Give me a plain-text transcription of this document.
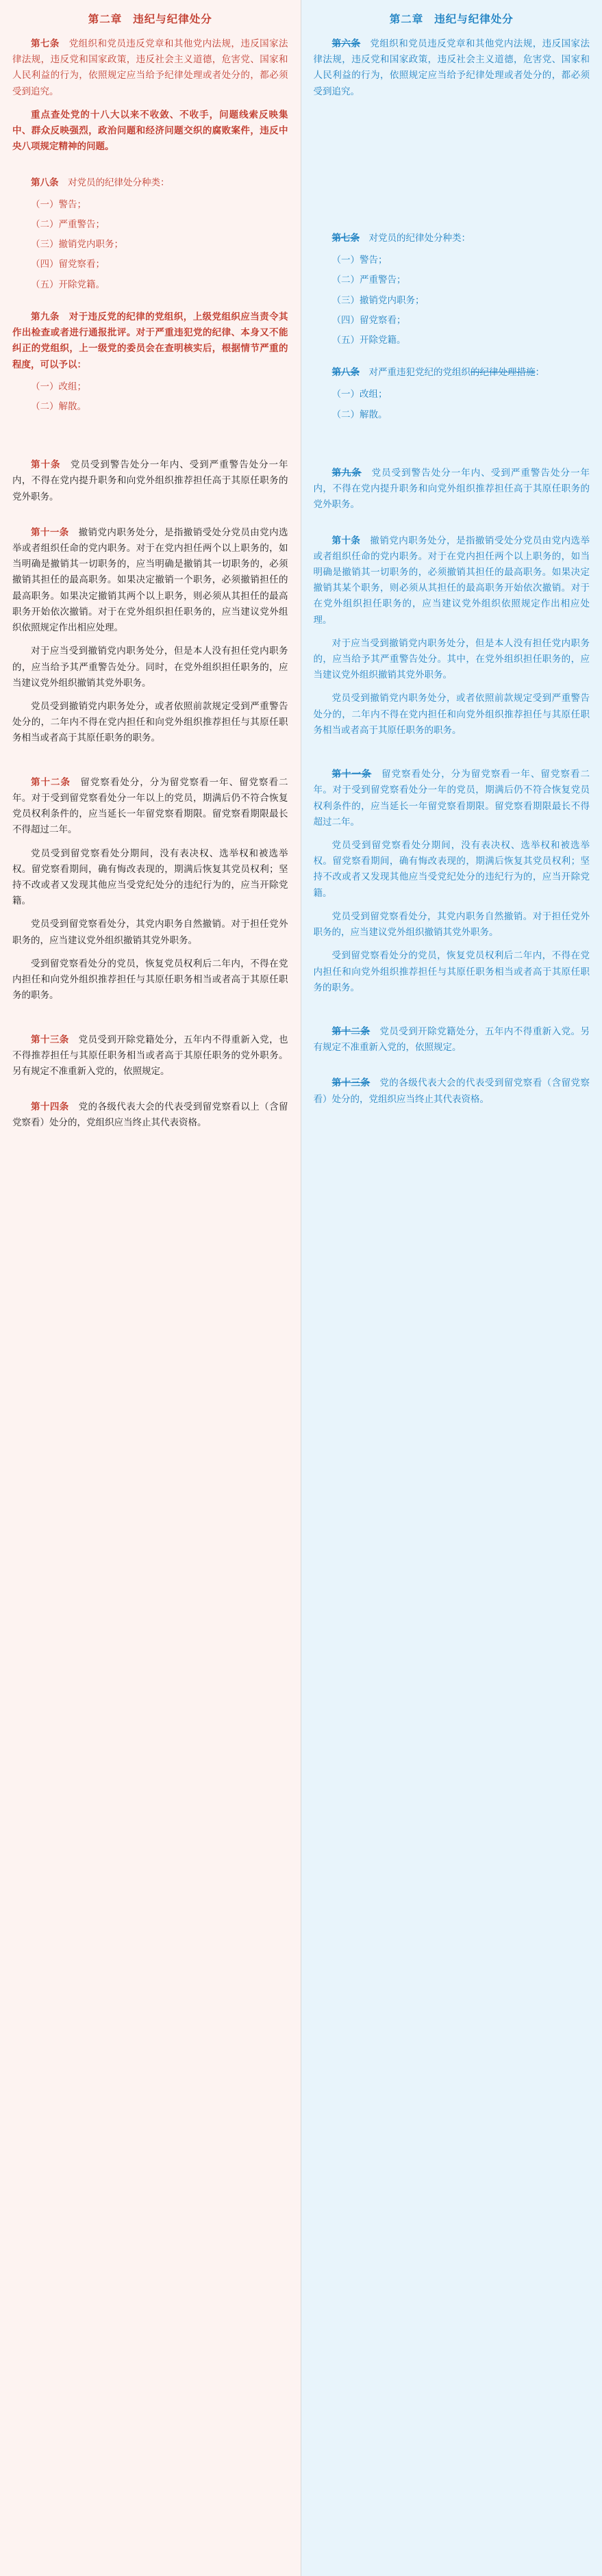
第二章 违纪与纪律处分

第七条　党组织和党员违反党章和其他党内法规，违反国家法律法规，违反党和国家政策，违反社会主义道德，危害党、国家和人民利益的行为，依照规定应当给予纪律处理或者处分的，都必须受到追究。

重点查处党的十八大以来不收敛、不收手，问题线索反映集中、群众反映强烈，政治问题和经济问题交织的腐败案件，违反中央八项规定精神的问题。

第八条　对党员的纪律处分种类：

（一）警告；

（二）严重警告；

（三）撤销党内职务；

（四）留党察看；

（五）开除党籍。

第九条　对于违反党的纪律的党组织，上级党组织应当责令其作出检查或者进行通报批评。对于严重违犯党的纪律、本身又不能纠正的党组织，上一级党的委员会在查明核实后，根据情节严重的程度，可以予以：

（一）改组；

（二）解散。

第十条　党员受到警告处分一年内、受到严重警告处分一年内，不得在党内提升职务和向党外组织推荐担任高于其原任职务的党外职务。

第十一条　撤销党内职务处分，是指撤销受处分党员由党内选举或者组织任命的党内职务。对于在党内担任两个以上职务的，如当明确是撤销其一切职务的，应当明确是撤销其一切职务的，必须撤销其担任的最高职务。如果决定撤销一个职务，必须撤销担任的最高职务。如果决定撤销其两个以上职务，则必须从其担任的最高职务开始依次撤销。对于在党外组织担任职务的，应当建议党外组织依照规定作出相应处理。

对于应当受到撤销党内职务处分，但是本人没有担任党内职务的，应当给予其严重警告处分。同时，在党外组织担任职务的，应当建议党外组织撤销其党外职务。

党员受到撤销党内职务处分，或者依照前款规定受到严重警告处分的，二年内不得在党内担任和向党外组织推荐担任与其原任职务相当或者高于其原任职务的职务。

第十二条　留党察看处分，分为留党察看一年、留党察看二年。对于受到留党察看处分一年以上的党员，期满后仍不符合恢复党员权利条件的，应当延长一年留党察看期限。留党察看期限最长不得超过二年。

党员受到留党察看处分期间，没有表决权、选举权和被选举权。留党察看期间，确有悔改表现的，期满后恢复其党员权利；坚持不改或者又发现其他应当受党纪处分的违纪行为的，应当开除党籍。

党员受到留党察看处分，其党内职务自然撤销。对于担任党外职务的，应当建议党外组织撤销其党外职务。

受到留党察看处分的党员，恢复党员权利后二年内，不得在党内担任和向党外组织推荐担任与其原任职务相当或者高于其原任职务的职务。

第十三条　党员受到开除党籍处分，五年内不得重新入党，也不得推荐担任与其原任职务相当或者高于其原任职务的党外职务。另有规定不准重新入党的，依照规定。

第十四条　党的各级代表大会的代表受到留党察看以上（含留党察看）处分的，党组织应当终止其代表资格。

第二章 违纪与纪律处分

第六条　党组织和党员违反党章和其他党内法规，违反国家法律法规，违反党和国家政策，违反社会主义道德，危害党、国家和人民利益的行为，依照规定应当给予纪律处理或者处分的，都必须受到追究。

第七条　对党员的纪律处分种类：

（一）警告；

（二）严重警告；

（三）撤销党内职务；

（四）留党察看；

（五）开除党籍。

第八条　对严重违犯党纪的党组织的纪律处理措施：

（一）改组；

（二）解散。

第九条　党员受到警告处分一年内、受到严重警告处分一年内，不得在党内提升职务和向党外组织推荐担任高于其原任职务的党外职务。

第十条　撤销党内职务处分，是指撤销受处分党员由党内选举或者组织任命的党内职务。对于在党内担任两个以上职务的，如当明确是撤销其一切职务的，必须撤销其担任的最高职务。如果决定撤销其某个职务，则必须从其担任的最高职务开始依次撤销。对于在党外组织担任职务的，应当建议党外组织依照规定作出相应处理。

对于应当受到撤销党内职务处分，但是本人没有担任党内职务的，应当给予其严重警告处分。其中，在党外组织担任职务的，应当建议党外组织撤销其党外职务。

党员受到撤销党内职务处分，或者依照前款规定受到严重警告处分的，二年内不得在党内担任和向党外组织推荐担任与其原任职务相当或者高于其原任职务的职务。

第十一条　留党察看处分，分为留党察看一年、留党察看二年。对于受到留党察看处分一年的党员，期满后仍不符合恢复党员权利条件的，应当延长一年留党察看期限。留党察看期限最长不得超过二年。

党员受到留党察看处分期间，没有表决权、选举权和被选举权。留党察看期间，确有悔改表现的，期满后恢复其党员权利；坚持不改或者又发现其他应当受党纪处分的违纪行为的，应当开除党籍。

党员受到留党察看处分，其党内职务自然撤销。对于担任党外职务的，应当建议党外组织撤销其党外职务。

受到留党察看处分的党员，恢复党员权利后二年内，不得在党内担任和向党外组织推荐担任与其原任职务相当或者高于其原任职务的职务。

第十二条　党员受到开除党籍处分，五年内不得重新入党。另有规定不准重新入党的，依照规定。

第十三条　党的各级代表大会的代表受到留党察看（含留党察看）处分的，党组织应当终止其代表资格。
